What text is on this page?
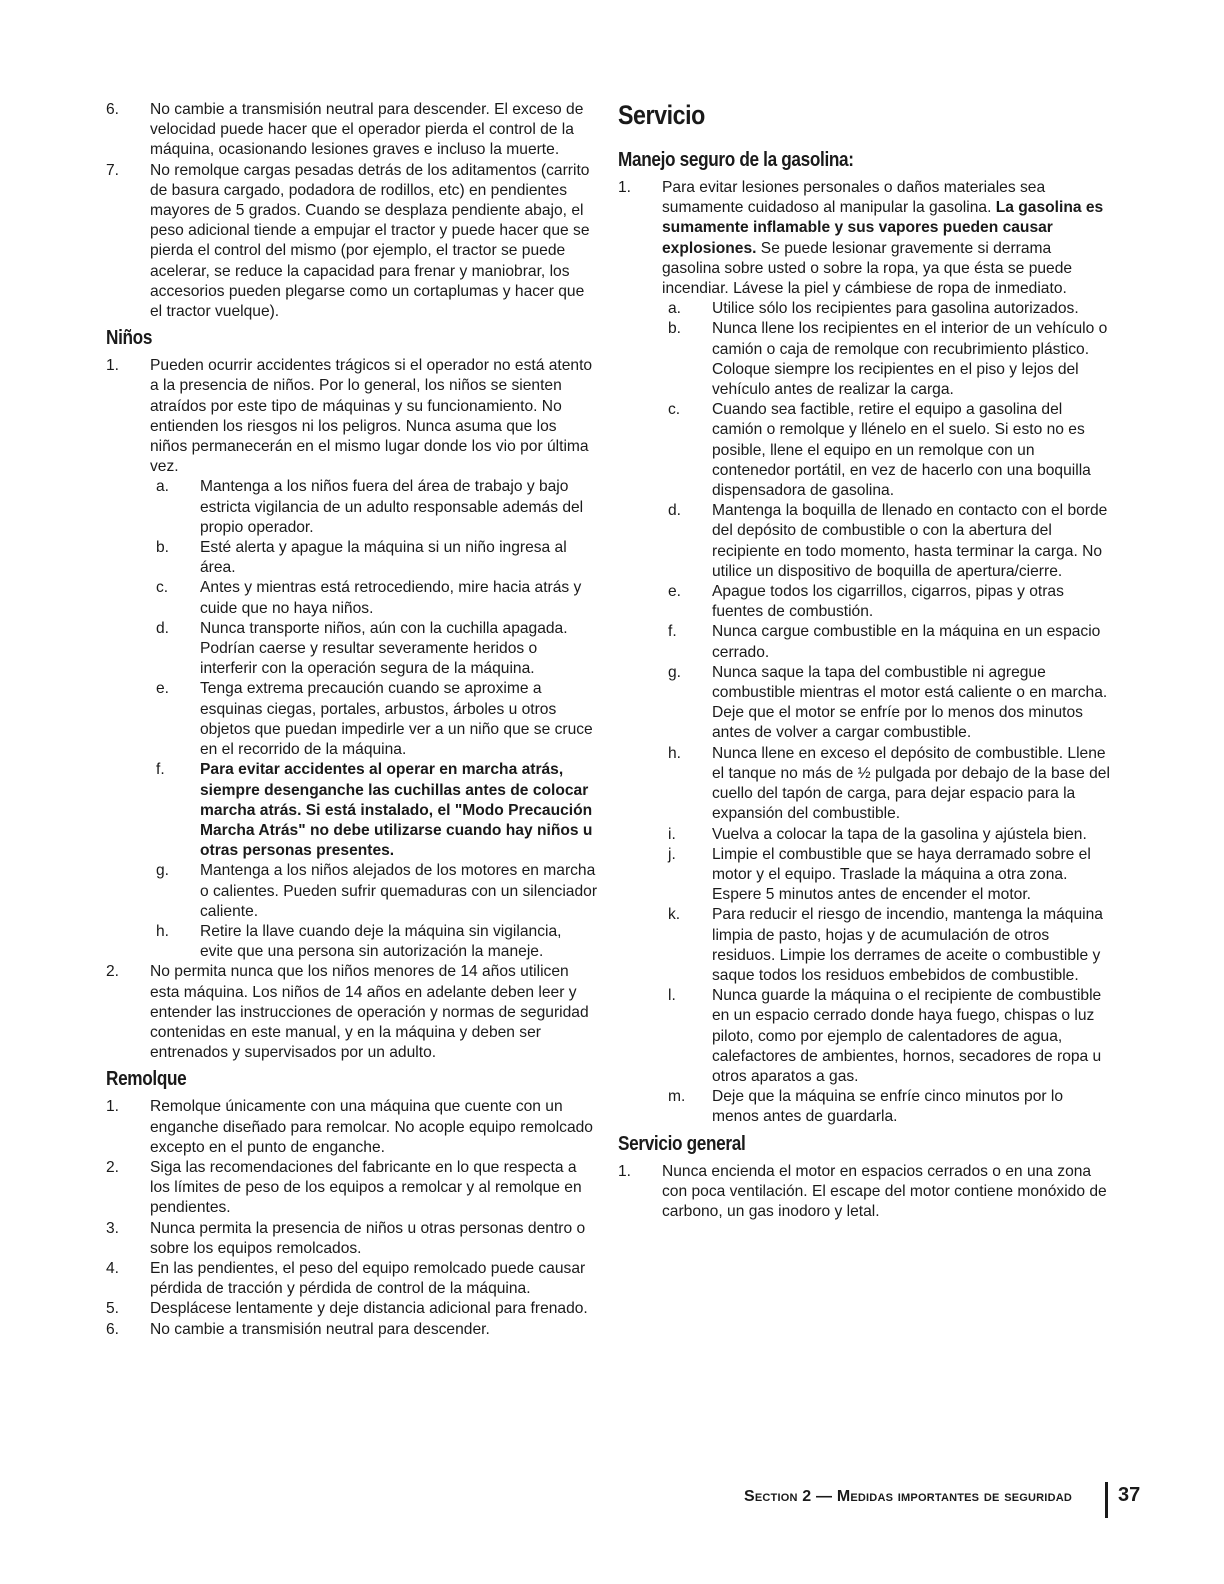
6.	No cambie a transmisión neutral para descender. El exceso de velocidad puede hacer que el operador pierda el control de la máquina, ocasionando lesiones graves e incluso la muerte.
7.	No remolque cargas pesadas detrás de los aditamentos (carrito de basura cargado, podadora de rodillos, etc) en pendientes mayores de 5 grados. Cuando se desplaza pendiente abajo, el peso adicional tiende a empujar el tractor y puede hacer que se pierda el control del mismo (por ejemplo, el tractor se puede acelerar, se reduce la capacidad para frenar y maniobrar, los accesorios pueden plegarse como un cortaplumas y hacer que el tractor vuelque).
Niños
1.	Pueden ocurrir accidentes trágicos si el operador no está atento a la presencia de niños. Por lo general, los niños se sienten atraídos por este tipo de máquinas y su funcionamiento. No entienden los riesgos ni los peligros. Nunca asuma que los niños permanecerán en el mismo lugar donde los vio por última vez.
a.	Mantenga a los niños fuera del área de trabajo y bajo estricta vigilancia de un adulto responsable además del propio operador.
b.	Esté alerta y apague la máquina si un niño ingresa al área.
c.	Antes y mientras está retrocediendo, mire hacia atrás y cuide que no haya niños.
d.	Nunca transporte niños, aún con la cuchilla apagada. Podrían caerse y resultar severamente heridos o interferir con la operación segura de la máquina.
e.	Tenga extrema precaución cuando se aproxime a esquinas ciegas, portales, arbustos, árboles u otros objetos que puedan impedirle ver a un niño que se cruce en el recorrido de la máquina.
f.	Para evitar accidentes al operar en marcha atrás, siempre desenganche las cuchillas antes de colocar marcha atrás. Si está instalado, el "Modo Precaución Marcha Atrás" no debe utilizarse cuando hay niños u otras personas presentes.
g.	Mantenga a los niños alejados de los motores en marcha o calientes. Pueden sufrir quemaduras con un silenciador caliente.
h.	Retire la llave cuando deje la máquina sin vigilancia, evite que una persona sin autorización la maneje.
2.	No permita nunca que los niños menores de 14 años utilicen esta máquina. Los niños de 14 años en adelante deben leer y entender las instrucciones de operación y normas de seguridad contenidas en este manual, y en la máquina y deben ser entrenados y supervisados por un adulto.
Remolque
1.	Remolque únicamente con una máquina que cuente con un enganche diseñado para remolcar. No acople equipo remolcado excepto en el punto de enganche.
2.	Siga las recomendaciones del fabricante en lo que respecta a los límites de peso de los equipos a remolcar y al remolque en pendientes.
3.	Nunca permita la presencia de niños u otras personas dentro o sobre los equipos remolcados.
4.	En las pendientes, el peso del equipo remolcado puede causar pérdida de tracción y pérdida de control de la máquina.
5.	Desplácese lentamente y deje distancia adicional para frenado.
6.	No cambie a transmisión neutral para descender.
Servicio
Manejo seguro de la gasolina:
1.	Para evitar lesiones personales o daños materiales sea sumamente cuidadoso al manipular la gasolina. La gasolina es sumamente inflamable y sus vapores pueden causar explosiones. Se puede lesionar gravemente si derrama gasolina sobre usted o sobre la ropa, ya que ésta se puede incendiar. Lávese la piel y cámbiese de ropa de inmediato.
a.	Utilice sólo los recipientes para gasolina autorizados.
b.	Nunca llene los recipientes en el interior de un vehículo o camión o caja de remolque con recubrimiento plástico. Coloque siempre los recipientes en el piso y lejos del vehículo antes de realizar la carga.
c.	Cuando sea factible, retire el equipo a gasolina del camión o remolque y llénelo en el suelo. Si esto no es posible, llene el equipo en un remolque con un contenedor portátil, en vez de hacerlo con una boquilla dispensadora de gasolina.
d.	Mantenga la boquilla de llenado en contacto con el borde del depósito de combustible o con la abertura del recipiente en todo momento, hasta terminar la carga. No utilice un dispositivo de boquilla de apertura/cierre.
e.	Apague todos los cigarrillos, cigarros, pipas y otras fuentes de combustión.
f.	Nunca cargue combustible en la máquina en un espacio cerrado.
g.	Nunca saque la tapa del combustible ni agregue combustible mientras el motor está caliente o en marcha. Deje que el motor se enfríe por lo menos dos minutos antes de volver a cargar combustible.
h.	Nunca llene en exceso el depósito de combustible. Llene el tanque no más de ½ pulgada por debajo de la base del cuello del tapón de carga, para dejar espacio para la expansión del combustible.
i.	Vuelva a colocar la tapa de la gasolina y ajústela bien.
j.	Limpie el combustible que se haya derramado sobre el motor y el equipo. Traslade la máquina a otra zona. Espere 5 minutos antes de encender el motor.
k.	Para reducir el riesgo de incendio, mantenga la máquina limpia de pasto, hojas y de acumulación de otros residuos. Limpie los derrames de aceite o combustible y saque todos los residuos embebidos de combustible.
l.	Nunca guarde la máquina o el recipiente de combustible en un espacio cerrado donde haya fuego, chispas o luz piloto, como por ejemplo de calentadores de agua, calefactores de ambientes, hornos, secadores de ropa u otros aparatos a gas.
m.	Deje que la máquina se enfríe cinco minutos por lo menos antes de guardarla.
Servicio general
1.	Nunca encienda el motor en espacios cerrados o en una zona con poca ventilación. El escape del motor contiene monóxido de carbono, un gas inodoro y letal.
Section 2 — Medidas importantes de seguridad 37
